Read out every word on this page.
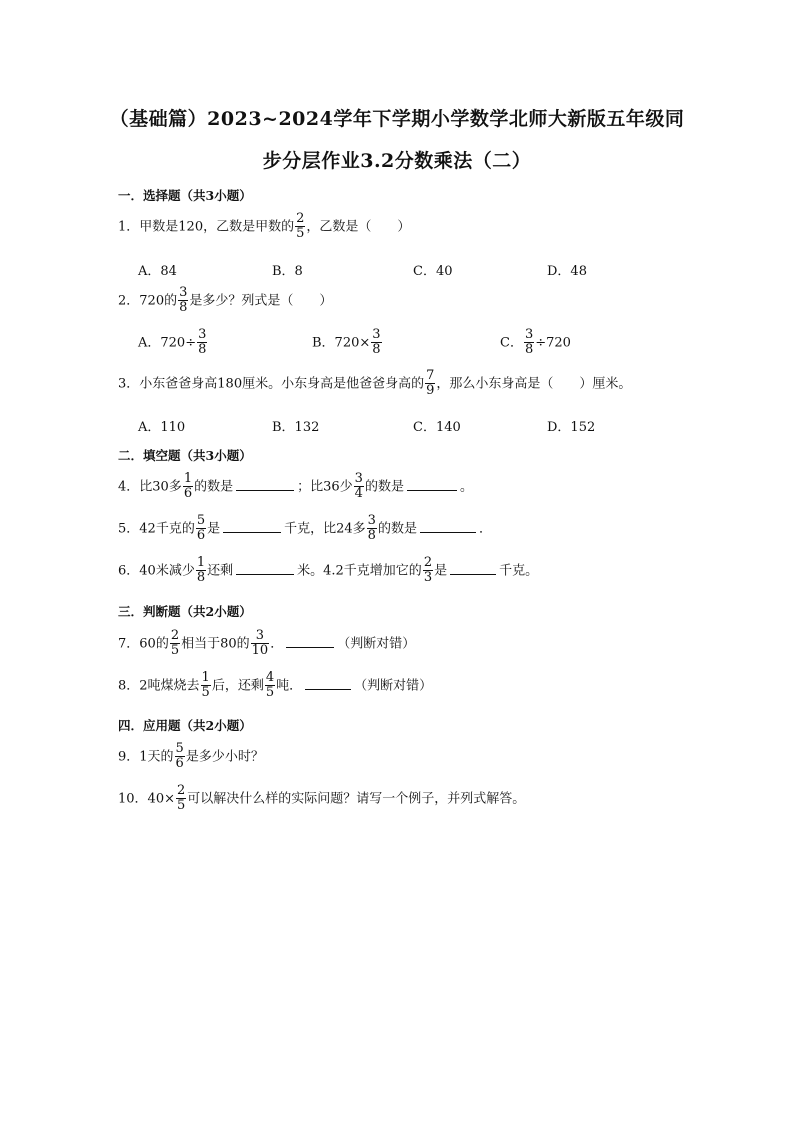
（基础篇）2023~2024学年下学期小学数学北师大新版五年级同
步分层作业3.2分数乘法（二）
一．选择题（共3小题）
1．甲数是120，乙数是甲数的 $\frac{2}{5}$ ，乙数是（　　）
A．84	B．8	C．40	D．48
2．720的 $\frac{3}{8}$ 是多少？列式是（　　）
A．$720\div \frac{3}{8}$	B．$720\times \frac{3}{8}$	C． $\frac{3}{8} \div 720$
3．小东爸爸身高180厘米。小东身高是他爸爸身高的 $\frac{7}{9}$ ，那么小东身高是（　　）厘米。
A．110	B．132	C．140	D．152
二．填空题（共3小题）
4．比30多 $\frac{1}{6}$ 的数是	；比36少 $\frac{3}{4}$ 的数是	。
5．42千克的 $\frac{5}{6}$ 是	千克，比24多 $\frac{3}{8}$ 的数是	．
6．40米减少 $\frac{1}{8}$ 还剩	米。4.2千克增加它的 $\frac{2}{3}$ 是	千克。
三．判断题（共2小题）
7．60的 $\frac{2}{5}$ 相当于80的 $\frac{3}{10}$ ．	（判断对错）
8．2吨煤烧去 $\frac{1}{5}$ 后，还剩 $\frac{4}{5}$ 吨．	（判断对错）
四．应用题（共2小题）
9．1天的 $\frac{5}{6}$ 是多少小时？
10．$40\times \frac{2}{5}$ 可以解决什么样的实际问题？请写一个例子，并列式解答。
